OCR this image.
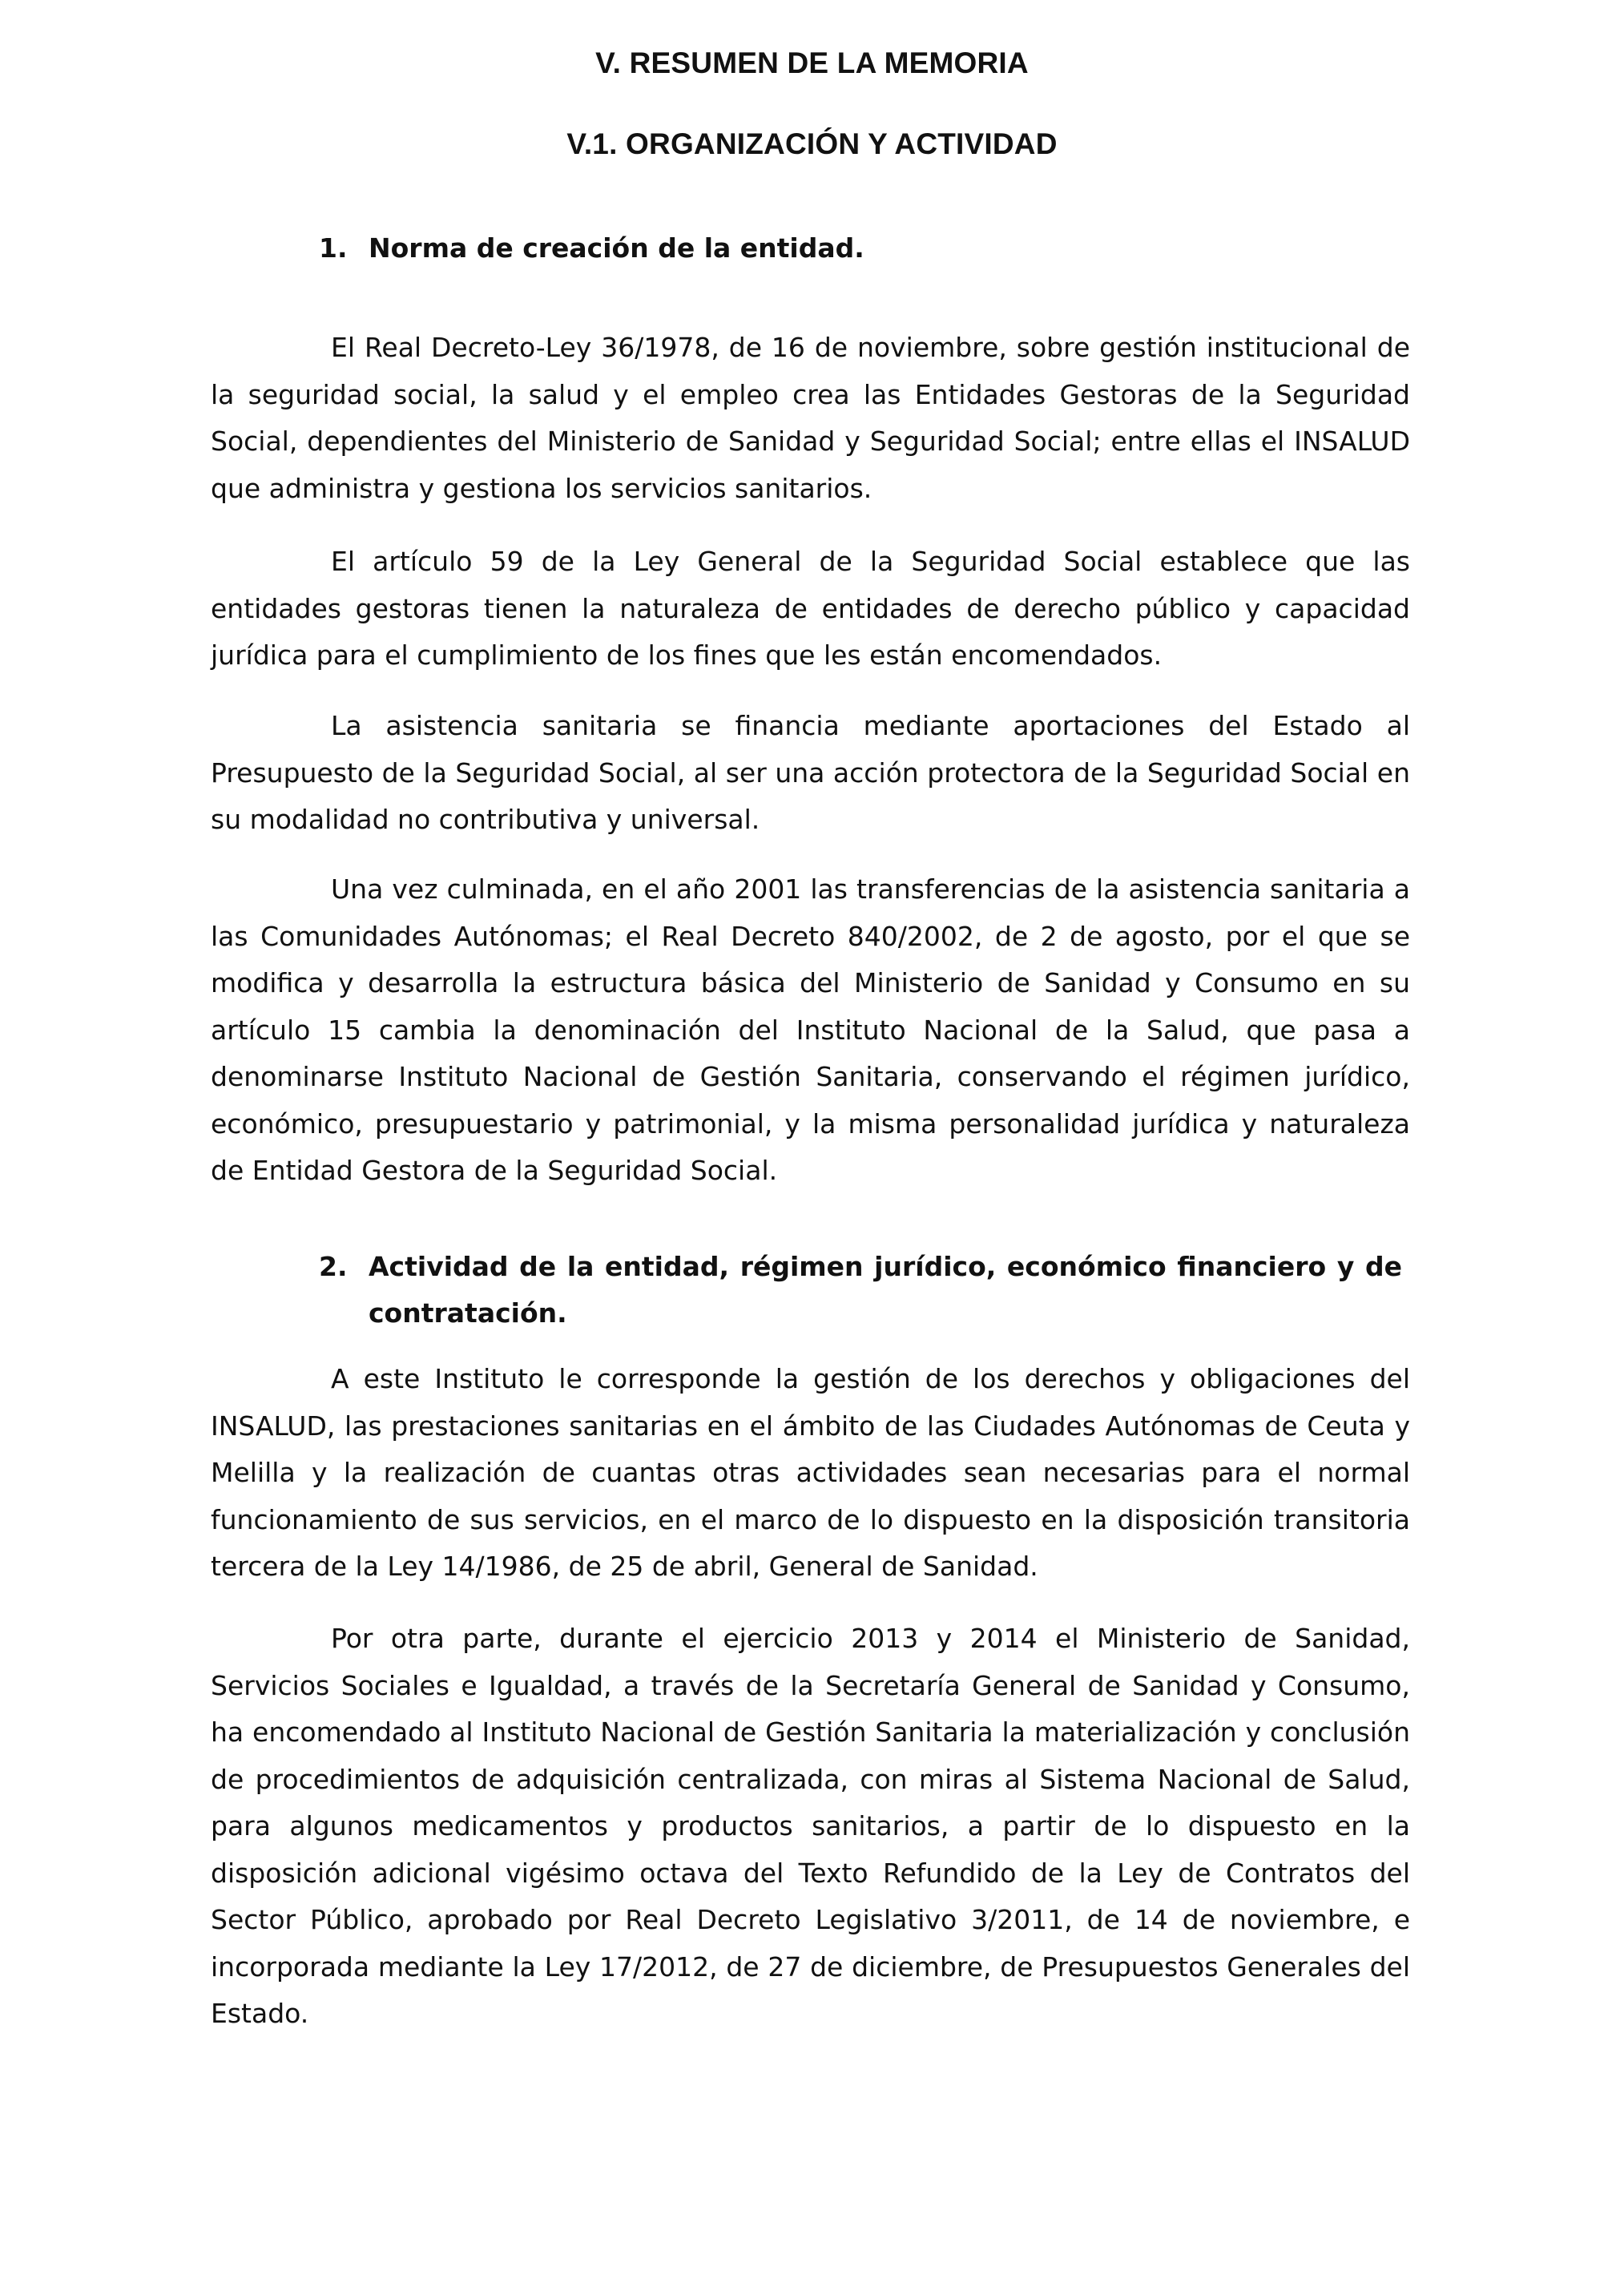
V. RESUMEN DE LA MEMORIA
V.1. ORGANIZACIÓN Y ACTIVIDAD
1. Norma de creación de la entidad.

El Real Decreto-Ley 36/1978, de 16 de noviembre, sobre gestión institucional de la seguridad social, la salud y el empleo crea las Entidades Gestoras de la Seguridad Social, dependientes del Ministerio de Sanidad y Seguridad Social; entre ellas el INSALUD que administra y gestiona los servicios sanitarios.

El artículo 59 de la Ley General de la Seguridad Social establece que las entidades gestoras tienen la naturaleza de entidades de derecho público y capacidad jurídica para el cumplimiento de los fines que les están encomendados.

La asistencia sanitaria se financia mediante aportaciones del Estado al Presupuesto de la Seguridad Social, al ser una acción protectora de la Seguridad Social en su modalidad no contributiva y universal.

Una vez culminada, en el año 2001 las transferencias de la asistencia sanitaria a las Comunidades Autónomas; el Real Decreto 840/2002, de 2 de agosto, por el que se modifica y desarrolla la estructura básica del Ministerio de Sanidad y Consumo en su artículo 15 cambia la denominación del Instituto Nacional de la Salud, que pasa a denominarse Instituto Nacional de Gestión Sanitaria, conservando el régimen jurídico, económico, presupuestario y patrimonial, y la misma personalidad jurídica y naturaleza de Entidad Gestora de la Seguridad Social.

2. Actividad de la entidad, régimen jurídico, económico financiero y de contratación.

A este Instituto le corresponde la gestión de los derechos y obligaciones del INSALUD, las prestaciones sanitarias en el ámbito de las Ciudades Autónomas de Ceuta y Melilla y la realización de cuantas otras actividades sean necesarias para el normal funcionamiento de sus servicios, en el marco de lo dispuesto en la disposición transitoria tercera de la Ley 14/1986, de 25 de abril, General de Sanidad.

Por otra parte, durante el ejercicio 2013 y 2014 el Ministerio de Sanidad, Servicios Sociales e Igualdad, a través de la Secretaría General de Sanidad y Consumo, ha encomendado al Instituto Nacional de Gestión Sanitaria la materialización y conclusión de procedimientos de adquisición centralizada, con miras al Sistema Nacional de Salud, para algunos medicamentos y productos sanitarios, a partir de lo dispuesto en la disposición adicional vigésimo octava del Texto Refundido de la Ley de Contratos del Sector Público, aprobado por Real Decreto Legislativo 3/2011, de 14 de noviembre, e incorporada mediante la Ley 17/2012, de 27 de diciembre, de Presupuestos Generales del Estado.
